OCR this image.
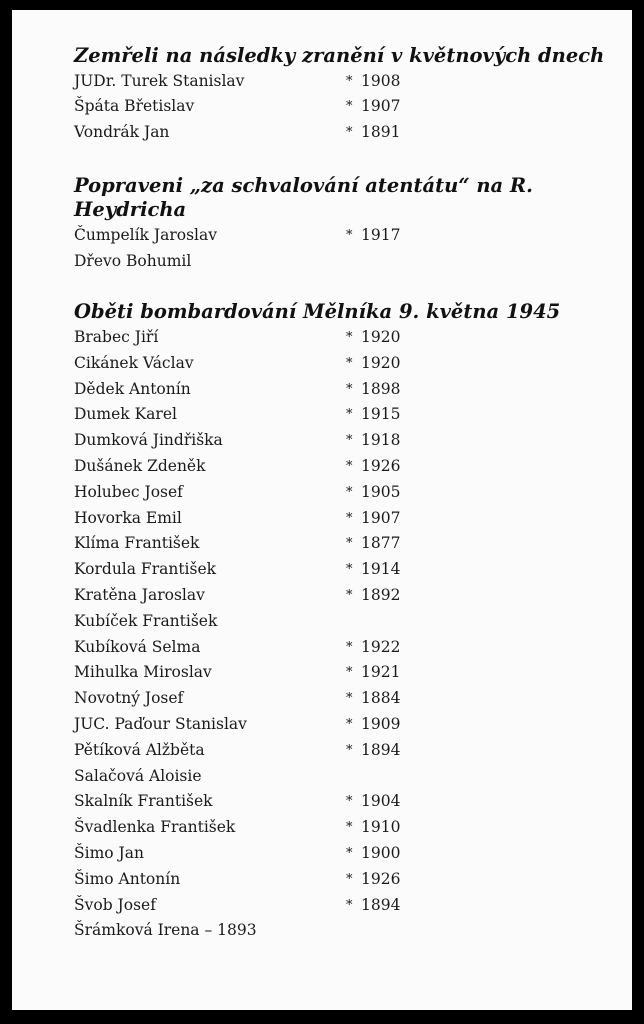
Zemřeli na následky zranění v květnových dnech
JUDr. Turek Stanislav	* 1908
Špáta Břetislav	* 1907
Vondrák Jan	* 1891
Popraveni „za schvalování atentátu“ na R. Heydricha
Čumpelík Jaroslav	* 1917
Dřevo Bohumil
Oběti bombardování Mělníka 9. května 1945
Brabec Jiří	* 1920
Cikánek Václav	* 1920
Dědek Antonín	* 1898
Dumek Karel	* 1915
Dumková Jindřiška	* 1918
Dušánek Zdeněk	* 1926
Holubec Josef	* 1905
Hovorka Emil	* 1907
Klíma František	* 1877
Kordula František	* 1914
Kratěna Jaroslav	* 1892
Kubíček František
Kubíková Selma	* 1922
Mihulka Miroslav	* 1921
Novotný Josef	* 1884
JUC. Paďour Stanislav	* 1909
Pětíková Alžběta	* 1894
Salačová Aloisie
Skalník František	* 1904
Švadlenka František	* 1910
Šimo Jan	* 1900
Šimo Antonín	* 1926
Švob Josef	* 1894
Šrámková Irena – 1893
